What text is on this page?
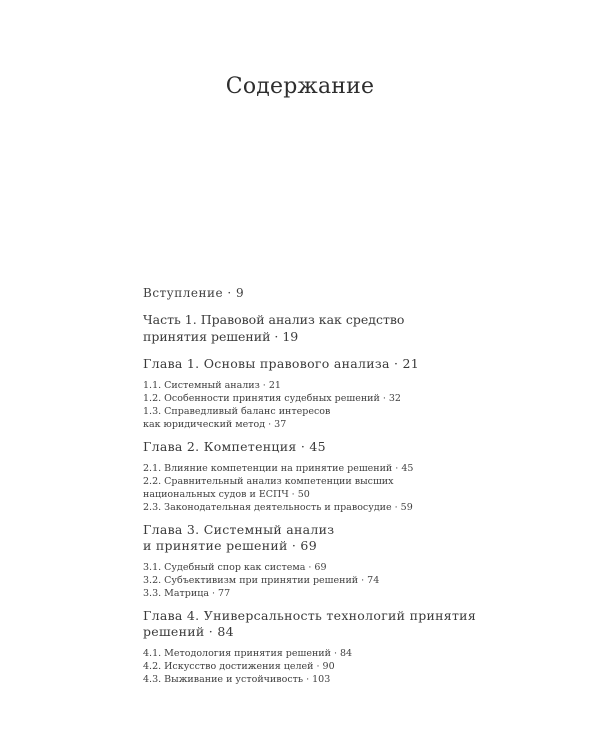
Содержание
Вступление · 9
Часть 1. Правовой анализ как средство
принятия решений · 19
Глава 1. Основы правового анализа · 21
1.1. Системный анализ · 21
1.2. Особенности принятия судебных решений · 32
1.3. Справедливый баланс интересов
как юридический метод · 37
Глава 2. Компетенция · 45
2.1. Влияние компетенции на принятие решений · 45
2.2. Сравнительный анализ компетенции высших
национальных судов и ЕСПЧ · 50
2.3. Законодательная деятельность и правосудие · 59
Глава 3. Системный анализ
и принятие решений · 69
3.1. Судебный спор как система · 69
3.2. Субъективизм при принятии решений · 74
3.3. Матрица · 77
Глава 4. Универсальность технологий принятия
решений · 84
4.1. Методология принятия решений · 84
4.2. Искусство достижения целей · 90
4.3. Выживание и устойчивость · 103
